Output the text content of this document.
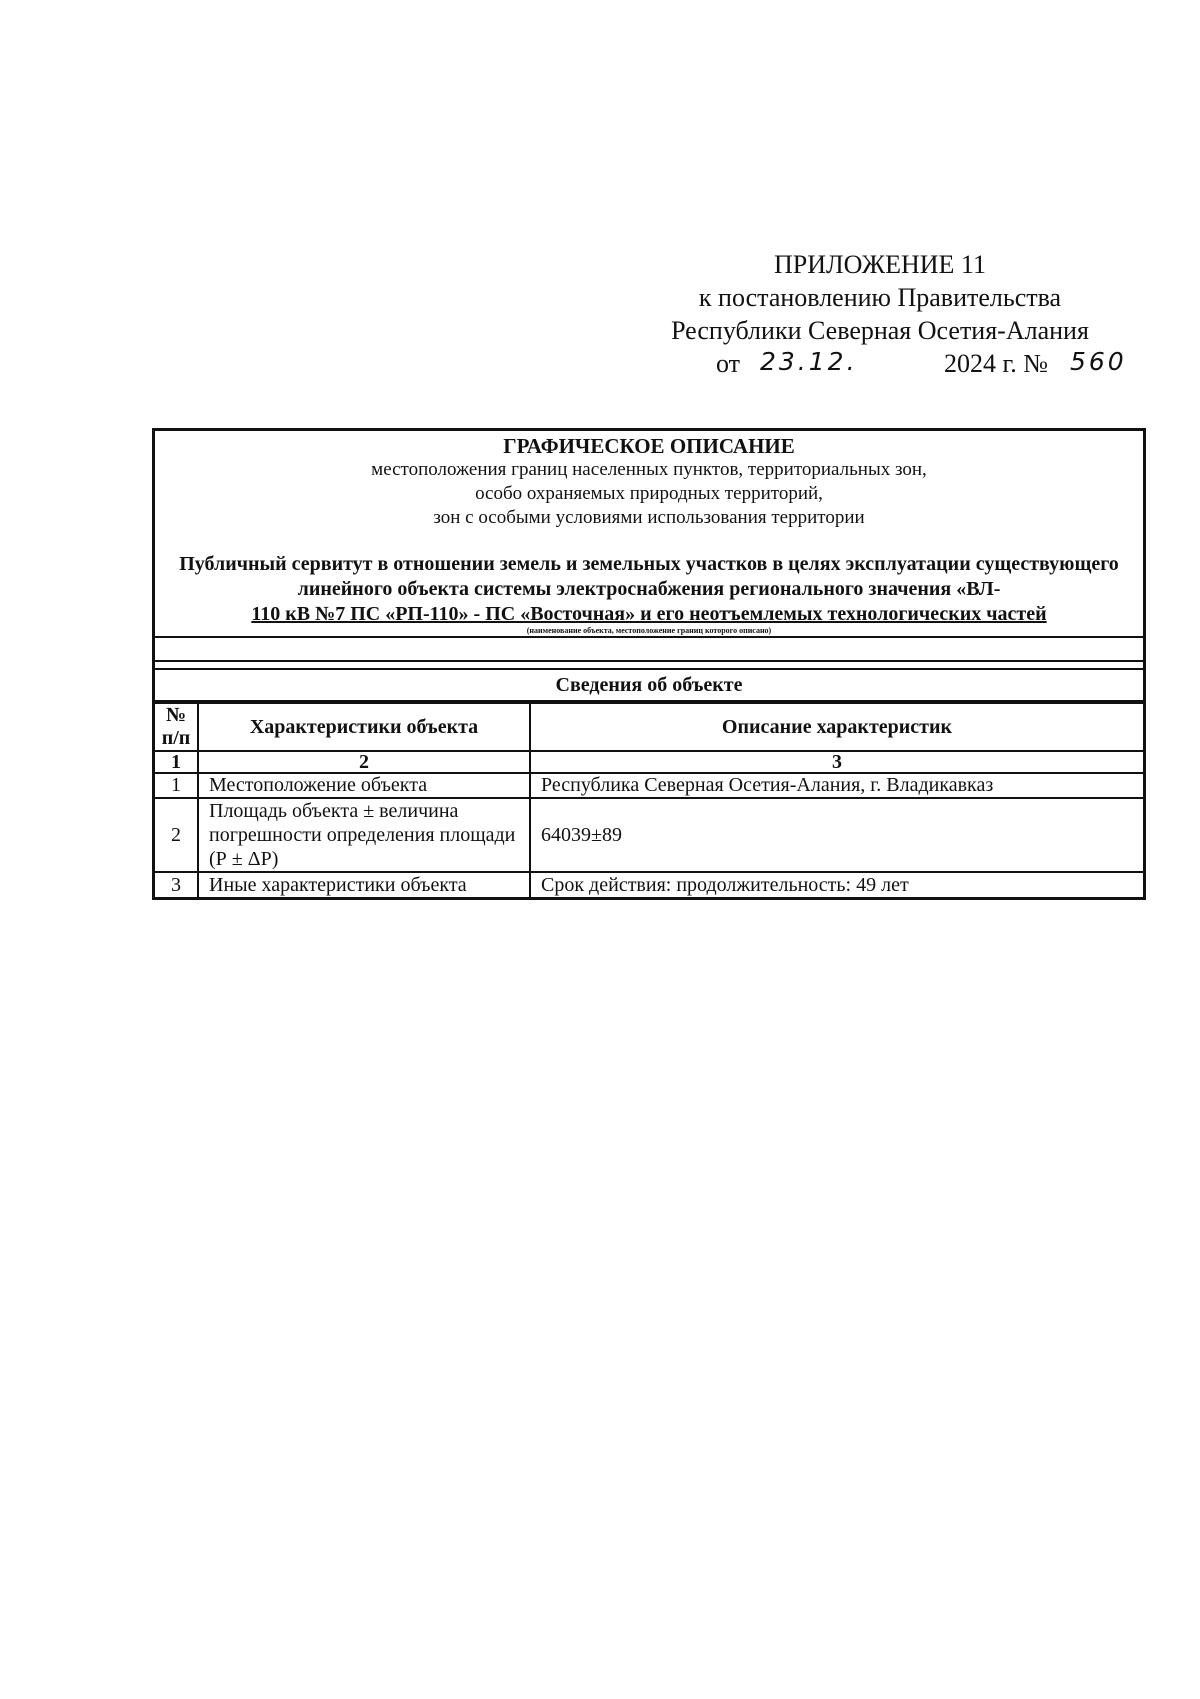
ПРИЛОЖЕНИЕ 11
к постановлению Правительства
Республики Северная Осетия-Алания
от 23.12.	2024 г. № 560
ГРАФИЧЕСКОЕ ОПИСАНИЕ
местоположения границ населенных пунктов, территориальных зон,
особо охраняемых природных территорий,
зон с особыми условиями использования территории
Публичный сервитут в отношении земель и земельных участков в целях эксплуатации существующего линейного объекта системы электроснабжения регионального значения «ВЛ-
110 кВ №7 ПС «РП-110» - ПС «Восточная» и его неотъемлемых технологических частей
(наименование объекта, местоположение границ которого описано)
Сведения об объекте
№ п/п	Характеристики объекта	Описание характеристик
1	2	3
1	Местоположение объекта	Республика Северная Осетия-Алания, г. Владикавказ
2	Площадь объекта ± величина погрешности определения площади (Р ± ΔР)	64039±89
3	Иные характеристики объекта	Срок действия: продолжительность: 49 лет
